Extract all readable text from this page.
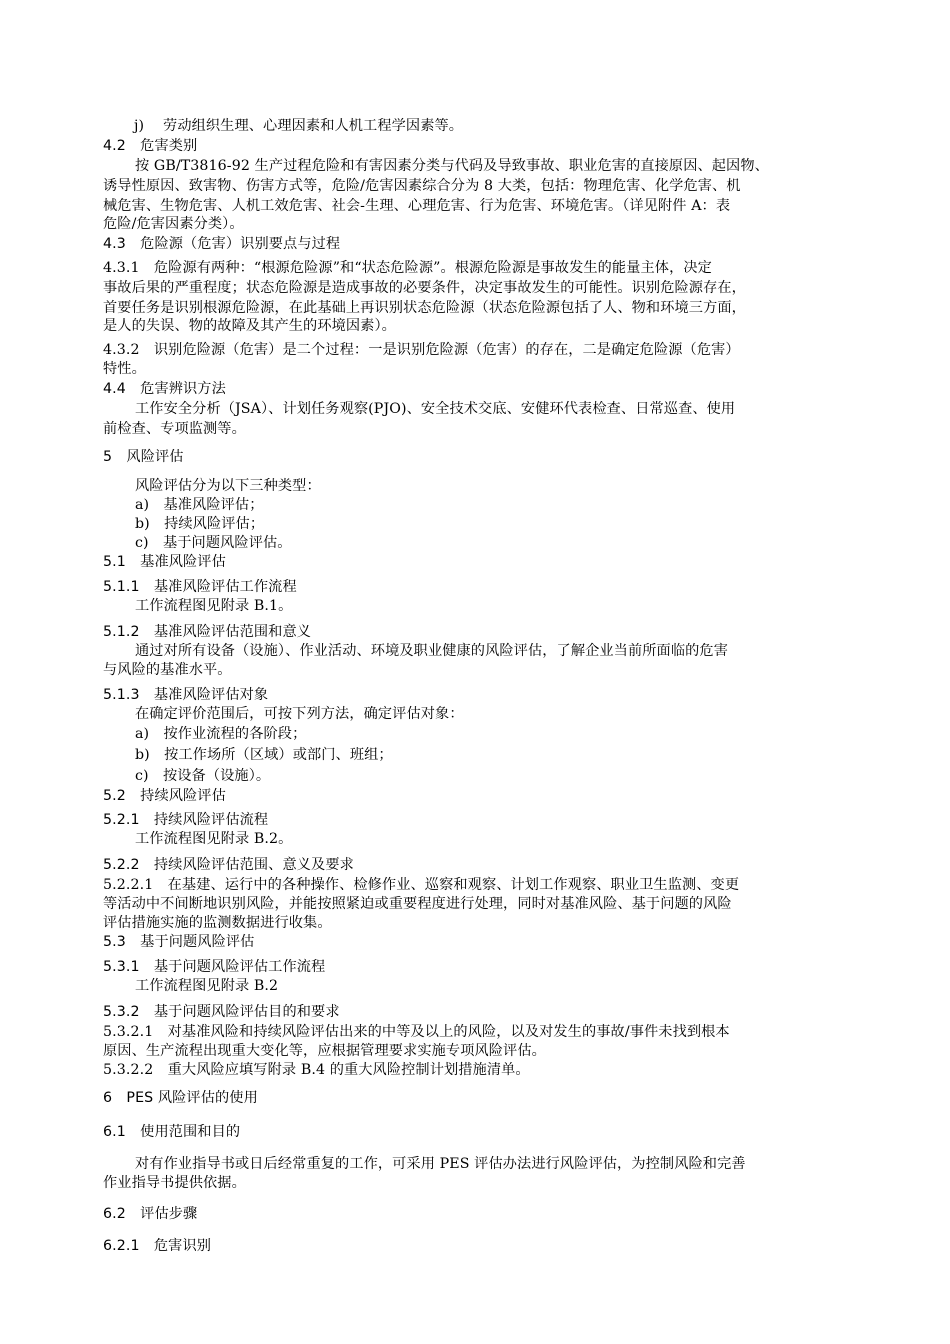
j)　 劳动组织生理、心理因素和人机工程学因素等。
4.2　危害类别
按 GB/T3816-92 生产过程危险和有害因素分类与代码及导致事故、职业危害的直接原因、起因物、
诱导性原因、致害物、伤害方式等，危险/危害因素综合分为 8 大类，包括：物理危害、化学危害、机
械危害、生物危害、人机工效危害、社会-生理、心理危害、行为危害、环境危害。（详见附件 A：表
危险/危害因素分类）。
4.3　危险源（危害）识别要点与过程
4.3.1　危险源有两种：“根源危险源”和“状态危险源”。根源危险源是事故发生的能量主体，决定
事故后果的严重程度；状态危险源是造成事故的必要条件，决定事故发生的可能性。识别危险源存在，
首要任务是识别根源危险源，在此基础上再识别状态危险源（状态危险源包括了人、物和环境三方面，
是人的失误、物的故障及其产生的环境因素）。
4.3.2　识别危险源（危害）是二个过程：一是识别危险源（危害）的存在，二是确定危险源（危害）
特性。
4.4　危害辨识方法
工作安全分析（JSA）、计划任务观察(PJO)、安全技术交底、安健环代表检查、日常巡查、使用
前检查、专项监测等。
5　风险评估
风险评估分为以下三种类型：
a)　基准风险评估；
b)　持续风险评估；
c)　基于问题风险评估。
5.1　基准风险评估
5.1.1　基准风险评估工作流程
工作流程图见附录 B.1。
5.1.2　基准风险评估范围和意义
通过对所有设备（设施）、作业活动、环境及职业健康的风险评估，了解企业当前所面临的危害
与风险的基准水平。
5.1.3　基准风险评估对象
在确定评价范围后，可按下列方法，确定评估对象：
a)　按作业流程的各阶段；
b)　按工作场所（区域）或部门、班组；
c)　按设备（设施）。
5.2　持续风险评估
5.2.1　持续风险评估流程
工作流程图见附录 B.2。
5.2.2　持续风险评估范围、意义及要求
5.2.2.1　在基建、运行中的各种操作、检修作业、巡察和观察、计划工作观察、职业卫生监测、变更
等活动中不间断地识别风险，并能按照紧迫或重要程度进行处理，同时对基准风险、基于问题的风险
评估措施实施的监测数据进行收集。
5.3　基于问题风险评估
5.3.1　基于问题风险评估工作流程
工作流程图见附录 B.2
5.3.2　基于问题风险评估目的和要求
5.3.2.1　对基准风险和持续风险评估出来的中等及以上的风险，以及对发生的事故/事件未找到根本
原因、生产流程出现重大变化等，应根据管理要求实施专项风险评估。
5.3.2.2　重大风险应填写附录 B.4 的重大风险控制计划措施清单。
6　PES 风险评估的使用
6.1　使用范围和目的
对有作业指导书或日后经常重复的工作，可采用 PES 评估办法进行风险评估，为控制风险和完善
作业指导书提供依据。
6.2　评估步骤
6.2.1　危害识别
